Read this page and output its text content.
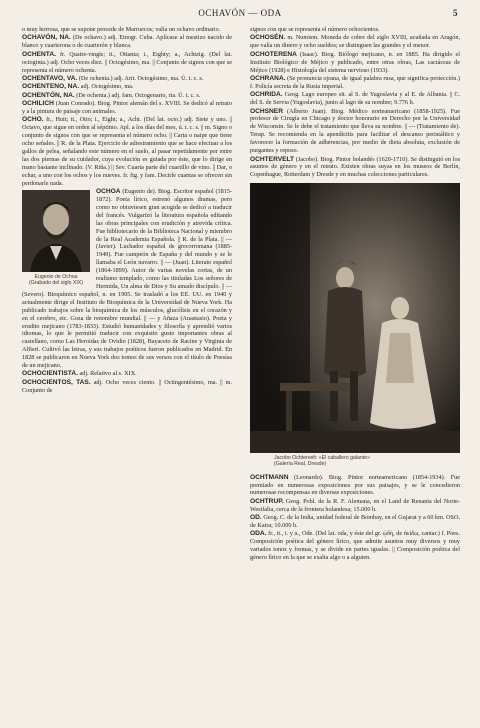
OCHAVÓN — ODA	5

o muy horrosa, que se supone procede de Marruecos; valía un ochavo ordinario.

OCHAVÓN, NA. (De ochavo.) adj. Etnogr. Cuba. Aplícase al mestizo nacido de blanco y cuarterona o de cuarterón y blanca.

OCHENTA. fr. Quatre-vingts; it., Ottanta; i., Eighty; a., Achtzig. (Del lat. octoginta.) adj. Ocho veces diez. || Octogésimo, ma. || Conjunto de signos con que se representa el número ochenta.

OCHENTAVO, VA. (De ochenta.) adj. Arit. Octogésimo, ma. Ú. t. c. s.

OCHENTENO, NA. adj. Octogésimo, ma.

OCHENTÓN, NA. (De ochenta.) adj. fam. Octogenario, ria. Ú. t. c. s.

OCHILICH (Juan Conrado). Biog. Pintor alemán del s. XVIII. Se dedicó al retrato y a la pintura de paisaje con animales.

OCHO. fr., Huit; it., Otto; i., Eight; a., Acht. (Del lat. octo.) adj. Siete y uno. || Octavo, que sigue en orden al séptimo. Apl. a los días del mes, ú. t. c. s. || m. Signo o conjunto de signos con que se representa el número ocho. || Carta o naipe que tiene ocho señales. || R. de la Plata. Ejercicio de adiestramiento que se hace efectuar a los gallos de pelea, señalando este número en el suelo, al pasar repetidamente por entre las dos piernas de su cuidador, cuya evolución es guiada por éste, que lo dirige en mano bastante inclinado. (V. Riña.) || Sev. Cuarta parte del cuartillo de vino. || Dar, o echar, a uno con los ochos y los nueves. fr. fig. y fam. Decirle cuantas se ofrecen sin perdonarle nada.

Eugenio de Ochoa
(Grabado del siglo XIX)

OCHOA (Eugenio de). Biog. Escritor español (1815-1872). Poeta lírico, estrenó algunos dramas, pero como no obtuviesen gran acogida se dedicó a traducir del francés. Vulgarizó la literatura española editando las obras principales con erudición y atrevida crítica. Fue bibliotecario de la Biblioteca Nacional y miembro de la Real Academia Española. || R. de la Plata. || — (Javier). Luchador español de grecorromana (1885-1949). Fue campeón de España y del mundo y se le llamaba el León navarro. || — (Juan). Literato español (1864-1899). Autor de varias novelas cortas, de un realismo templado, como las tituladas Los señores de Hermida, Un alma de Dios y Su amado discípulo. || — (Severo). Bioquímico español, n. en 1905. Se trasladó a los EE. UU. en 1940 y actualmente dirige el Instituto de Bioquímica de la Universidad de Nueva York. Ha publicado trabajos sobre la bioquímica de los músculos, glucólisis en el corazón y en el cerebro, etc. Goza de renombre mundial. || — y Añaza (Anastasio). Poeta y erudito mejicano (1783-1833). Estudió humanidades y filosofía y aprendió varios idiomas, lo que le permitió traducir con exquisito gusto importantes obras al castellano, como Las Heroidas de Ovidio (1828), Bayaceto de Racine y Virginia de Alfieri. Cultivó las letras, y sus trabajos poéticos fueron publicados en Madrid. En 1828 se publicaron en Nueva York dos tomos de sus versos con el título de Poesías de un mejicano.

OCHOCIENTISTA. adj. Relativo al s. XIX.

OCHOCIENTOS, TAS. adj. Ocho veces ciento. || Octingentésimo, ma. || m. Conjunto de

signos con que se representa el número ochocientos.

OCHOSÉN. m. Numism. Moneda de cobre del siglo XVIII, acuñada en Aragón, que valía un dinero y ocho sueldos; se distinguen las grandes y el menor.

OCHOTERENA (Isaac). Biog. Biólogo mejicano, n. en 1885. Ha dirigido el Instituto Biológico de Méjico y publicado, entre otras obras, Las cactáceas de Méjico (1928) e Histología del sistema nervioso (1933).

OCHRANA. (Se pronuncia ojrana, de igual palabra rusa, que significa protección.) f. Policía secreta de la Rusia imperial.

OCHRIDA. Geog. Lago europeo sit. al S. de Yugoslavia y al E. de Albania. || C. del S. de Servia (Yugoslavia), junto al lago de su nombre; 9.776 h.

OCHSNER (Alberto Juan). Biog. Médico norteamericano (1858-1925). Fue profesor de Cirugía en Chicago y doctor honorario en Derecho por la Universidad de Wisconsin. Se le debe el tratamiento que lleva su nombre. || — (Tratamiento de). Terap. Se recomienda en la apendicitis para facilitar el descanso peristáltico y favorecer la formación de adherencias, por medio de dieta absoluta, exclusión de purgantes y reposo.

OCHTERVELT (Jacobo). Biog. Pintor holandés (1620-1710). Se distinguió en los asuntos de género y en el retrato. Existen obras suyas en los museos de Berlín, Copenhague, Rotterdam y Dresde y en muchas colecciones particulares.

Jacobo Ochtervelt: «El caballero galante»
(Galería Real, Dresde)

OCHTMANN (Leonardo). Biog. Pintor norteamericano (1854-1934). Fue premiado en numerosas exposiciones por sus paisajes, y se le concedieron numerosas recompensas en diversas exposiciones.

OCHTRUP. Geog. Pobl. de la R. F. Alemana, en el Land de Renania del Norte-Westfalia, cerca de la frontera holandesa; 15.000 h.

OD. Geog. C. de la India, unidad federal de Bombay, en el Gujarat y a 60 km. OSO. de Kaira; 10.000 h.

ODA. fr., it., i. y a., Ode. (Del lat. oda, y éste del gr. ᾠδή, de ἀείδω, cantar.) f. Poes. Composición poética del género lírico, que admite asuntos muy diversos y muy variados tonos y formas, y se divide en partes iguales. || Composición poética del género lírico en la que se exalta algo o a alguien.
